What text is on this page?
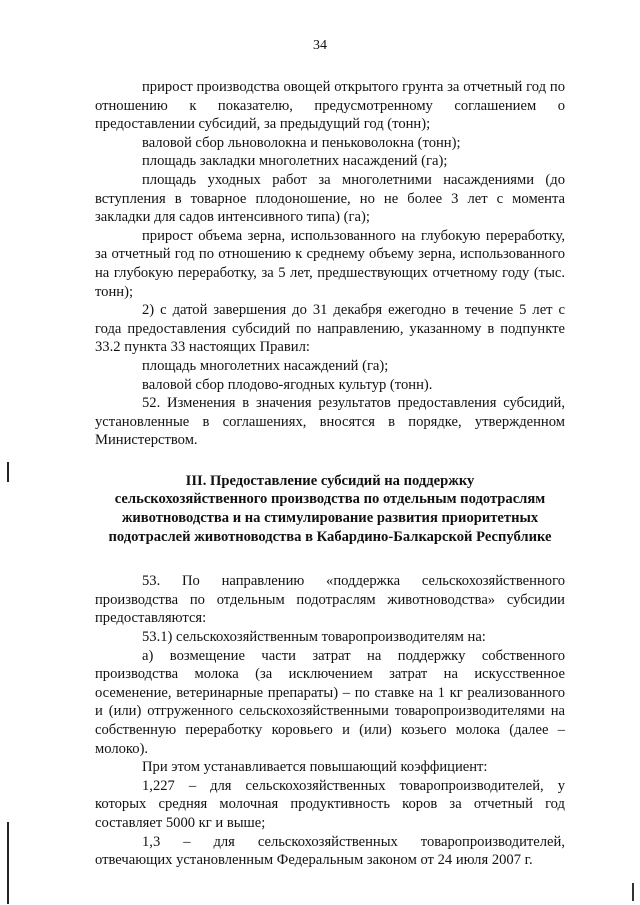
34

прирост производства овощей открытого грунта за отчетный год по отношению к показателю, предусмотренному соглашением о предоставлении субсидий, за предыдущий год (тонн);

валовой сбор льноволокна и пеньковолокна (тонн);

площадь закладки многолетних насаждений (га);

площадь уходных работ за многолетними насаждениями (до вступления в товарное плодоношение, но не более 3 лет с момента закладки для садов интенсивного типа) (га);

прирост объема зерна, использованного на глубокую переработку, за отчетный год по отношению к среднему объему зерна, использованного на глубокую переработку, за 5 лет, предшествующих отчетному году (тыс. тонн);

2) с датой завершения до 31 декабря ежегодно в течение 5 лет с года предоставления субсидий по направлению, указанному в подпункте 33.2 пункта 33 настоящих Правил:

площадь многолетних насаждений (га);

валовой сбор плодово-ягодных культур (тонн).

52. Изменения в значения результатов предоставления субсидий, установленные в соглашениях, вносятся в порядке, утвержденном Министерством.

III. Предоставление субсидий на поддержку
сельскохозяйственного производства по отдельным подотраслям
животноводства и на стимулирование развития приоритетных
подотраслей животноводства в Кабардино-Балкарской Республике

53. По направлению «поддержка сельскохозяйственного производства по отдельным подотраслям животноводства» субсидии предоставляются:

53.1) сельскохозяйственным товаропроизводителям на:

а) возмещение части затрат на поддержку собственного производства молока (за исключением затрат на искусственное осеменение, ветеринарные препараты) – по ставке на 1 кг реализованного и (или) отгруженного сельскохозяйственными товаропроизводителями на собственную переработку коровьего и (или) козьего молока (далее – молоко).

При этом устанавливается повышающий коэффициент:

1,227 – для сельскохозяйственных товаропроизводителей, у которых средняя молочная продуктивность коров за отчетный год составляет 5000 кг и выше;

1,3 – для сельскохозяйственных товаропроизводителей, отвечающих установленным Федеральным законом от 24 июля 2007 г.
